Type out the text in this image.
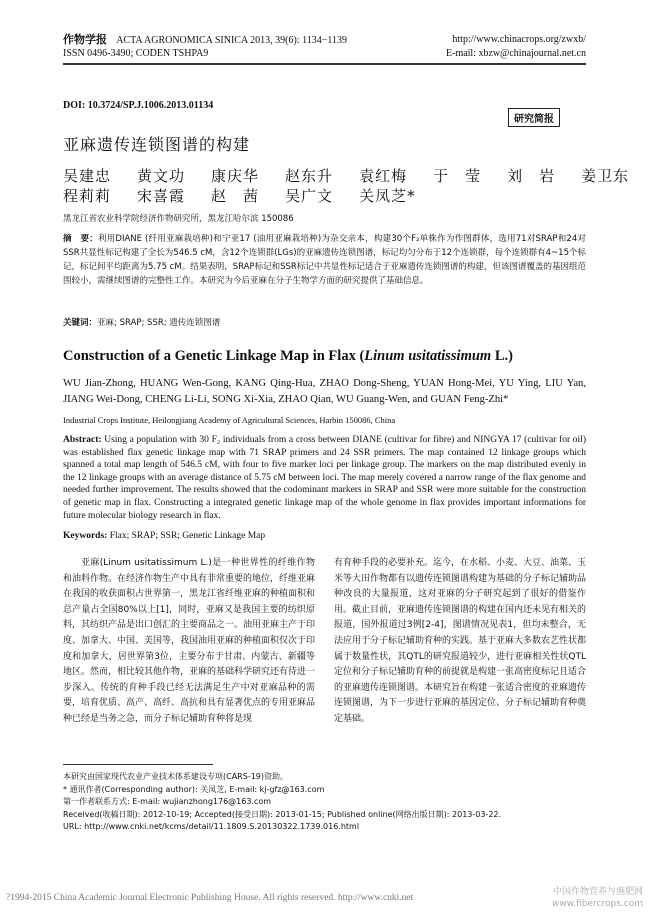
作物学报 ACTA AGRONOMICA SINICA 2013, 39(6): 1134−1139
ISSN 0496-3490; CODEN TSHPA9
http://www.chinacrops.org/zwxb/
E-mail: xbzw@chinajournal.net.cn
DOI: 10.3724/SP.J.1006.2013.01134
研究简报
亚麻遗传连锁图谱的构建
吴建忠 黄文功 康庆华 赵东升 袁红梅 于　莹 刘　岩 姜卫东
程莉莉 宋喜霞 赵　茜 吴广文 关凤芝*
黑龙江省农业科学院经济作物研究所，黑龙江哈尔滨 150086
摘　要：利用DIANE (纤用亚麻栽培种)和宁亚17 (油用亚麻栽培种)为杂交亲本，构建30个F₂单株作为作图群体，选用71对SRAP和24对SSR共显性标记构建了全长为546.5 cM，含12个连锁群(LGs)的亚麻遗传连锁图谱，标记均匀分布于12个连锁群，每个连锁群有4~15个标记，标记间平均距离为5.75 cM。结果表明，SRAP标记和SSR标记中共显性标记适合于亚麻遗传连锁图谱的构建，但该图谱覆盖的基因组范围较小，需继续图谱的完整性工作。本研究为今后亚麻在分子生物学方面的研究提供了基础信息。
关键词：亚麻; SRAP; SSR; 遗传连锁图谱
Construction of a Genetic Linkage Map in Flax (Linum usitatissimum L.)
WU Jian-Zhong, HUANG Wen-Gong, KANG Qing-Hua, ZHAO Dong-Sheng, YUAN Hong-Mei, YU Ying, LIU Yan, JIANG Wei-Dong, CHENG Li-Li, SONG Xi-Xia, ZHAO Qian, WU Guang-Wen, and GUAN Feng-Zhi*
Industrial Crops Institute, Heilongjiang Academy of Agricultural Sciences, Harbin 150086, China
Abstract: Using a population with 30 F₂ individuals from a cross between DIANE (cultivar for fibre) and NINGYA 17 (cultivar for oil) was established flax genetic linkage map with 71 SRAP primers and 24 SSR primers. The map contained 12 linkage groups which spanned a total map length of 546.5 cM, with four to five marker loci per linkage group. The markers on the map distributed evenly in the 12 linkage groups with an average distance of 5.75 cM between loci. The map merely covered a narrow range of the flax genome and needed further improvement. The results showed that the codominant markers in SRAP and SSR were more suitable for the construction of genetic map in flax. Constructing a integrated genetic linkage map of the whole genome in flax provides important informations for future molecular biology research in flax.
Keywords: Flax; SRAP; SSR; Genetic Linkage Map
亚麻(Linum usitatissimum L.)是一种世界性的纤维作物和油料作物。在经济作物生产中具有非常重要的地位，纤维亚麻在我国的收获面积占世界第一，黑龙江省纤维亚麻的种植面积和总产量占全国80%以上[1]，同时，亚麻又是我国主要的纺织原料，其纺织产品是出口创汇的主要商品之一。油用亚麻主产于印度、加拿大、中国、美国等，我国油用亚麻的种植面积仅次于印度和加拿大，居世界第3位，主要分布于甘肃、内蒙古、新疆等地区。然而，相比较其他作物，亚麻的基础科学研究还有待进一步深入。传统的育种手段已经无法满足生产中对亚麻品种的需要，培育优质、高产、高纤、高抗和具有显著优点的专用亚麻品种已经是当务之急，而分子标记辅助育种将是现
有育种手段的必要补充。迄今，在水稻、小麦、大豆、油菜、玉米等大田作物都有以遗传连锁图谱构建为基础的分子标记辅助品种改良的大量报道，这对亚麻的分子研究起到了很好的借鉴作用。截止目前，亚麻遗传连锁图谱的构建在国内还未见有相关的报道，国外报道过3例[2-4]，图谱情况见表1，但均未整合，无法应用于分子标记辅助育种的实践。基于亚麻大多数农艺性状都属于数量性状，其QTL的研究报道较少，进行亚麻相关性状QTL定位和分子标记辅助育种的前提就是构建一张高密度标记且适合的亚麻遗传连锁图谱。本研究旨在构建一张适合密度的亚麻遗传连锁图谱，为下一步进行亚麻的基因定位、分子标记辅助育种奠定基础。
本研究由国家现代农业产业技术体系建设专项(CARS-19)资助。
* 通讯作者(Corresponding author): 关凤芝, E-mail: kj-gfz@163.com
第一作者联系方式: E-mail: wujianzhong176@163.com
Received(收稿日期): 2012-10-19; Accepted(接受日期): 2013-01-15; Published online(网络出版日期): 2013-03-22.
URL: http://www.cnki.net/kcms/detail/11.1809.S.20130322.1739.016.html
?1994-2015 China Academic Journal Electronic Publishing House. All rights reserved. http://www.cnki.net
中国作物营养与施肥网 www.fibercrops.com
